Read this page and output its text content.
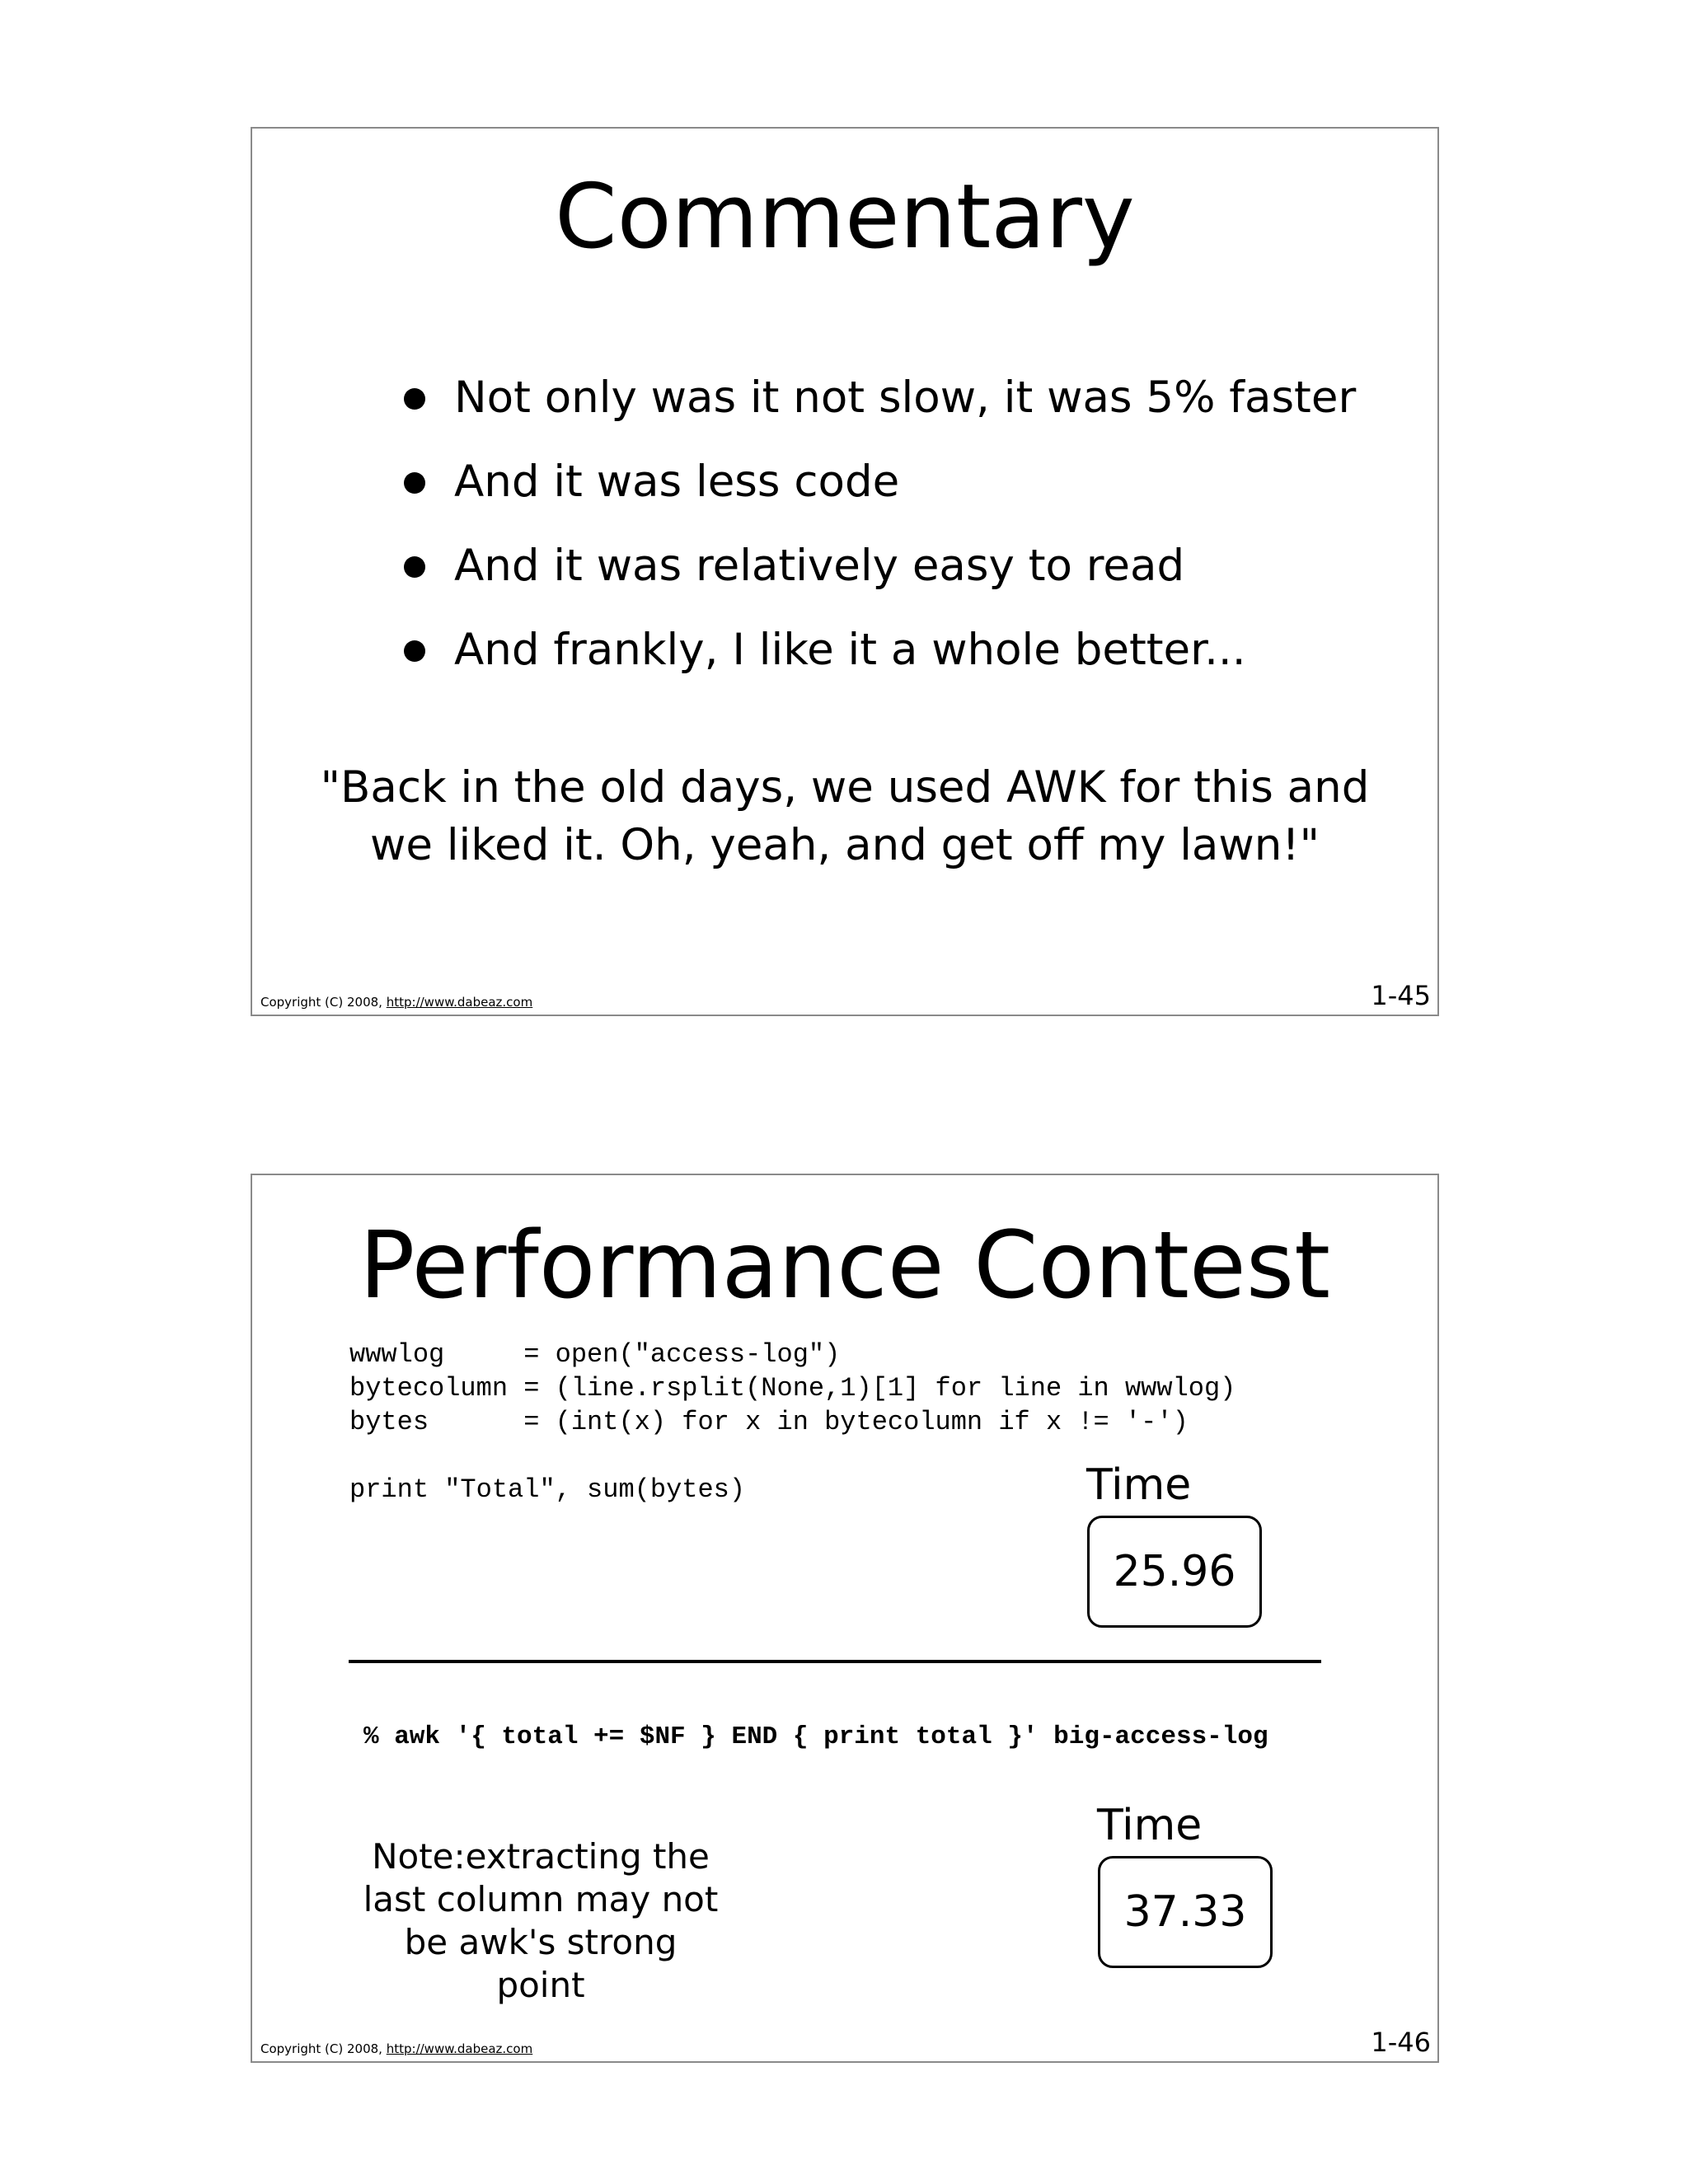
Commentary
Not only was it not slow, it was 5% faster
And it was less code
And it was relatively easy to read
And frankly, I like it a whole better...
"Back in the old days, we used AWK for this and
we liked it. Oh, yeah, and get off my lawn!"
Copyright (C) 2008, http://www.dabeaz.com	1-45
Performance Contest
wwwlog     = open("access-log")
bytecolumn = (line.rsplit(None,1)[1] for line in wwwlog)
bytes      = (int(x) for x in bytecolumn if x != '-')
print "Total", sum(bytes)	Time
25.96
% awk '{ total += $NF } END { print total }' big-access-log
Note:extracting the last column may not be awk's strong point
Time
37.33
Copyright (C) 2008, http://www.dabeaz.com	1-46
